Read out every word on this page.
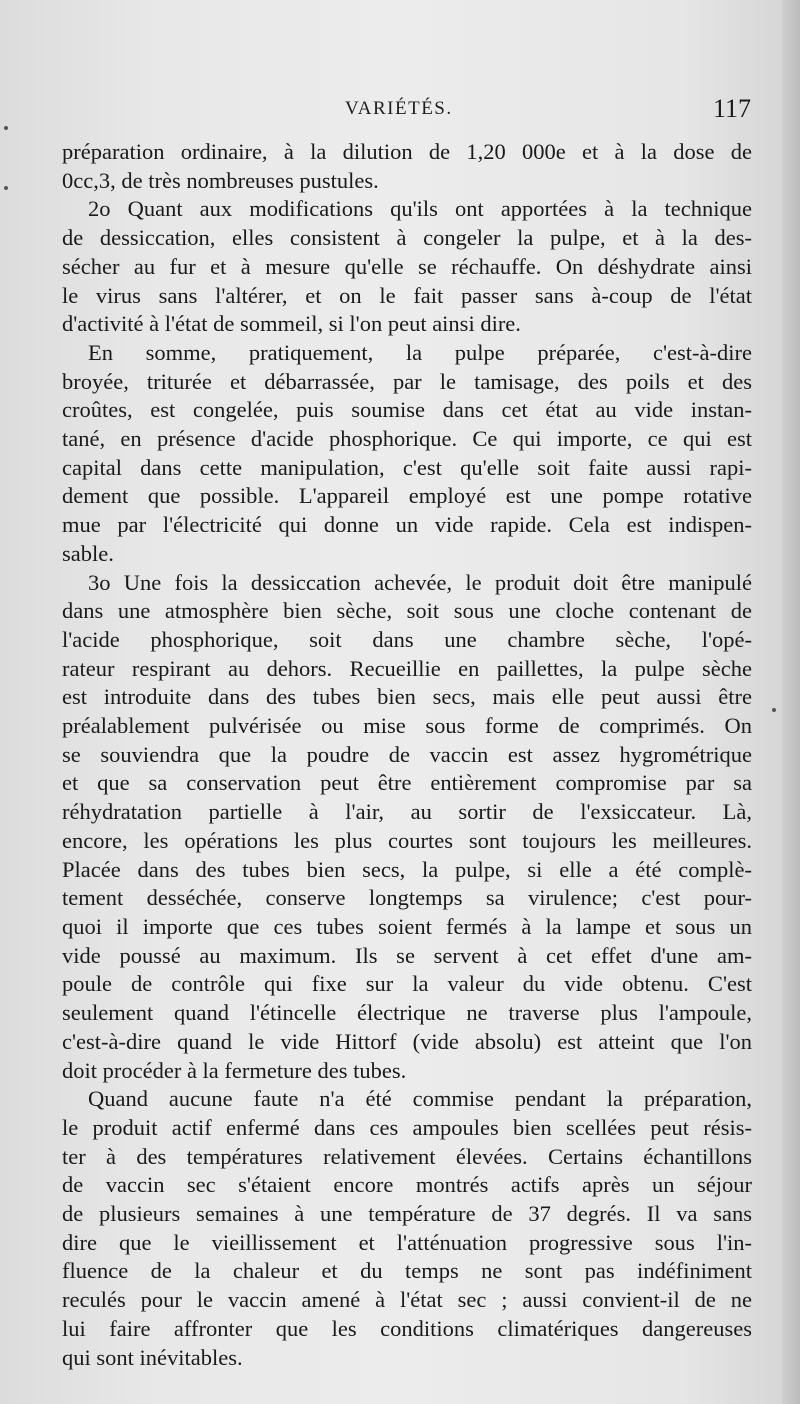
VARIÉTÉS.	117

préparation ordinaire, à la dilution de 1,20 000e et à la dose de
0cc,3, de très nombreuses pustules.

2o Quant aux modifications qu'ils ont apportées à la technique
de dessiccation, elles consistent à congeler la pulpe, et à la des-
sécher au fur et à mesure qu'elle se réchauffe. On déshydrate ainsi
le virus sans l'altérer, et on le fait passer sans à-coup de l'état
d'activité à l'état de sommeil, si l'on peut ainsi dire.

En somme, pratiquement, la pulpe préparée, c'est-à-dire
broyée, triturée et débarrassée, par le tamisage, des poils et des
croûtes, est congelée, puis soumise dans cet état au vide instan-
tané, en présence d'acide phosphorique. Ce qui importe, ce qui est
capital dans cette manipulation, c'est qu'elle soit faite aussi rapi-
dement que possible. L'appareil employé est une pompe rotative
mue par l'électricité qui donne un vide rapide. Cela est indispen-
sable.

3o Une fois la dessiccation achevée, le produit doit être manipulé
dans une atmosphère bien sèche, soit sous une cloche contenant de
l'acide phosphorique, soit dans une chambre sèche, l'opé-
rateur respirant au dehors. Recueillie en paillettes, la pulpe sèche
est introduite dans des tubes bien secs, mais elle peut aussi être
préalablement pulvérisée ou mise sous forme de comprimés. On
se souviendra que la poudre de vaccin est assez hygrométrique
et que sa conservation peut être entièrement compromise par sa
réhydratation partielle à l'air, au sortir de l'exsiccateur. Là,
encore, les opérations les plus courtes sont toujours les meilleures.
Placée dans des tubes bien secs, la pulpe, si elle a été complè-
tement desséchée, conserve longtemps sa virulence; c'est pour-
quoi il importe que ces tubes soient fermés à la lampe et sous un
vide poussé au maximum. Ils se servent à cet effet d'une am-
poule de contrôle qui fixe sur la valeur du vide obtenu. C'est
seulement quand l'étincelle électrique ne traverse plus l'ampoule,
c'est-à-dire quand le vide Hittorf (vide absolu) est atteint que l'on
doit procéder à la fermeture des tubes.

Quand aucune faute n'a été commise pendant la préparation,
le produit actif enfermé dans ces ampoules bien scellées peut résis-
ter à des températures relativement élevées. Certains échantillons
de vaccin sec s'étaient encore montrés actifs après un séjour
de plusieurs semaines à une température de 37 degrés. Il va sans
dire que le vieillissement et l'atténuation progressive sous l'in-
fluence de la chaleur et du temps ne sont pas indéfiniment
reculés pour le vaccin amené à l'état sec ; aussi convient-il de ne
lui faire affronter que les conditions climatériques dangereuses
qui sont inévitables.
